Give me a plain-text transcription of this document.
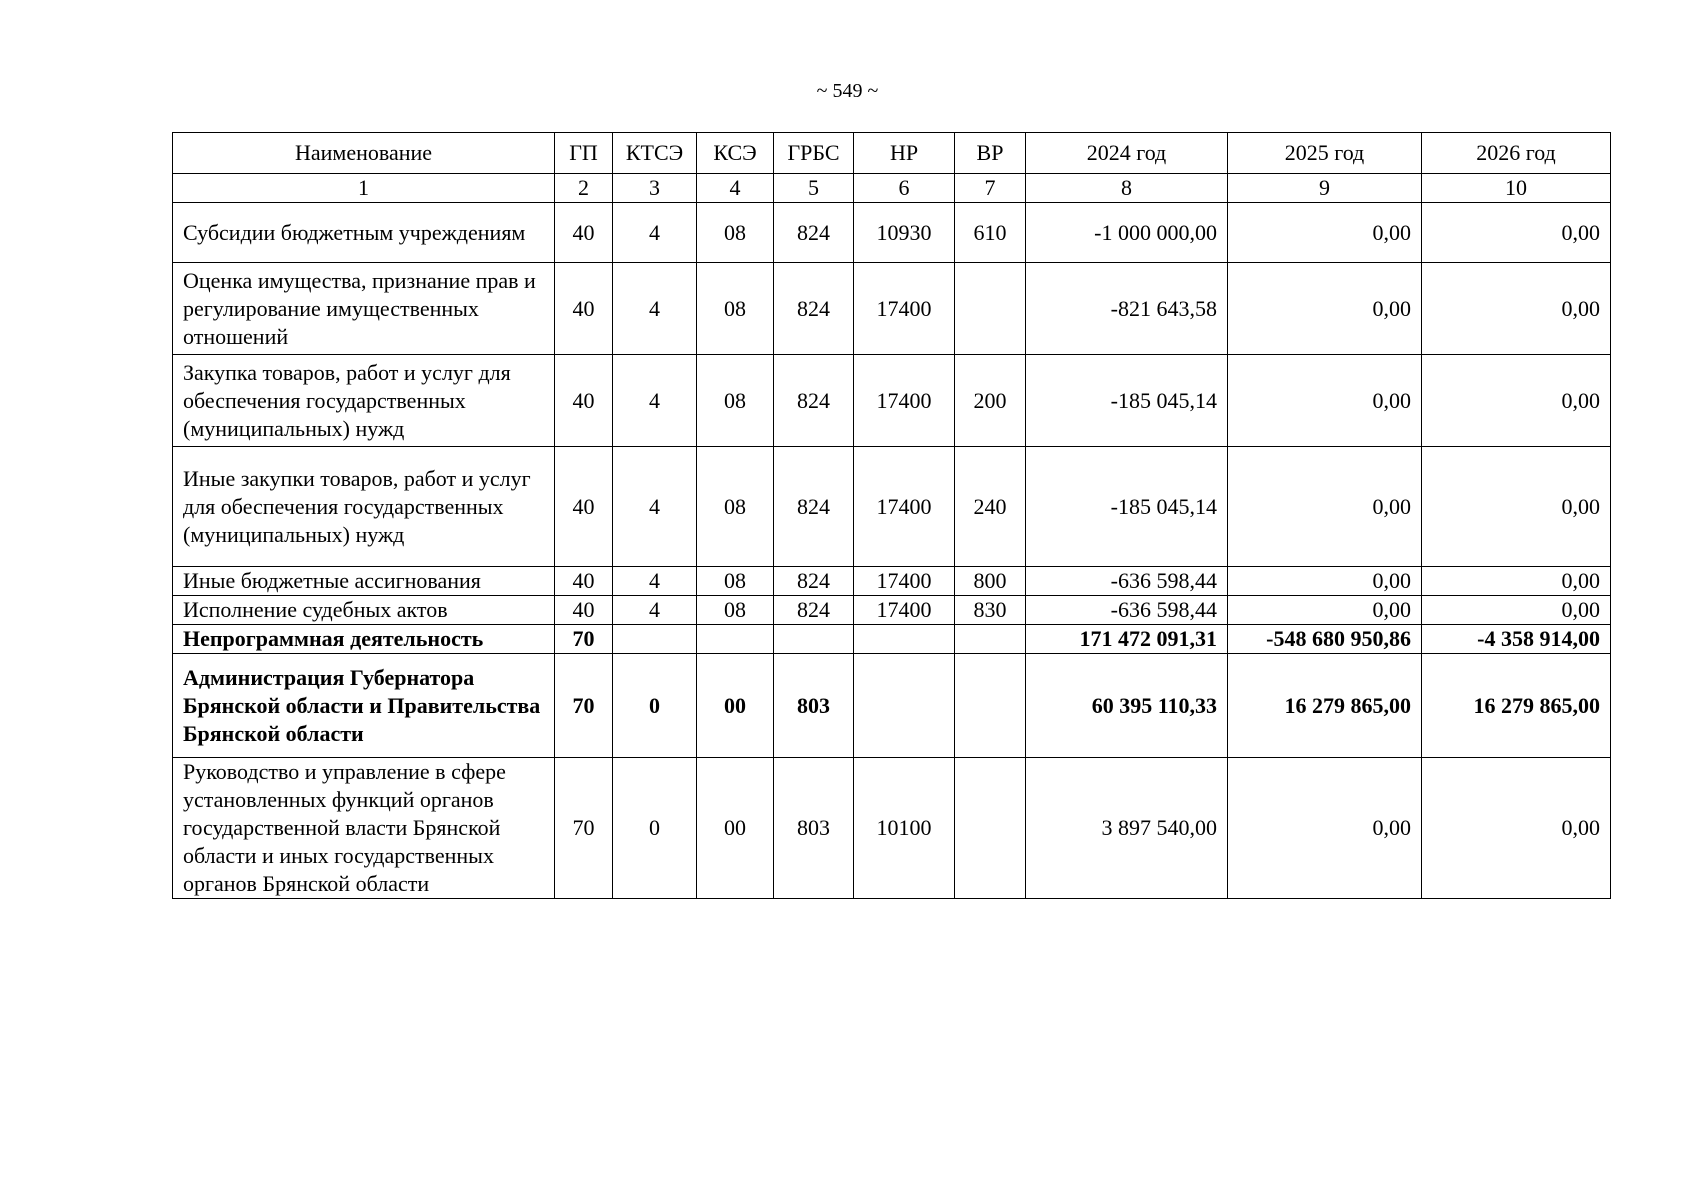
~ 549 ~
Наименование	ГП	КТСЭ	КСЭ	ГРБС	НР	ВР	2024 год	2025 год	2026 год
1	2	3	4	5	6	7	8	9	10
Субсидии бюджетным учреждениям	40	4	08	824	10930	610	-1 000 000,00	0,00	0,00
Оценка имущества, признание прав и регулирование имущественных отношений	40	4	08	824	17400		-821 643,58	0,00	0,00
Закупка товаров, работ и услуг для обеспечения государственных (муниципальных) нужд	40	4	08	824	17400	200	-185 045,14	0,00	0,00
Иные закупки товаров, работ и услуг для обеспечения государственных (муниципальных) нужд	40	4	08	824	17400	240	-185 045,14	0,00	0,00
Иные бюджетные ассигнования	40	4	08	824	17400	800	-636 598,44	0,00	0,00
Исполнение судебных актов	40	4	08	824	17400	830	-636 598,44	0,00	0,00
Непрограммная деятельность	70						171 472 091,31	-548 680 950,86	-4 358 914,00
Администрация Губернатора Брянской области и Правительства Брянской области	70	0	00	803			60 395 110,33	16 279 865,00	16 279 865,00
Руководство и управление в сфере установленных функций органов государственной власти Брянской области и иных государственных органов Брянской области	70	0	00	803	10100		3 897 540,00	0,00	0,00
